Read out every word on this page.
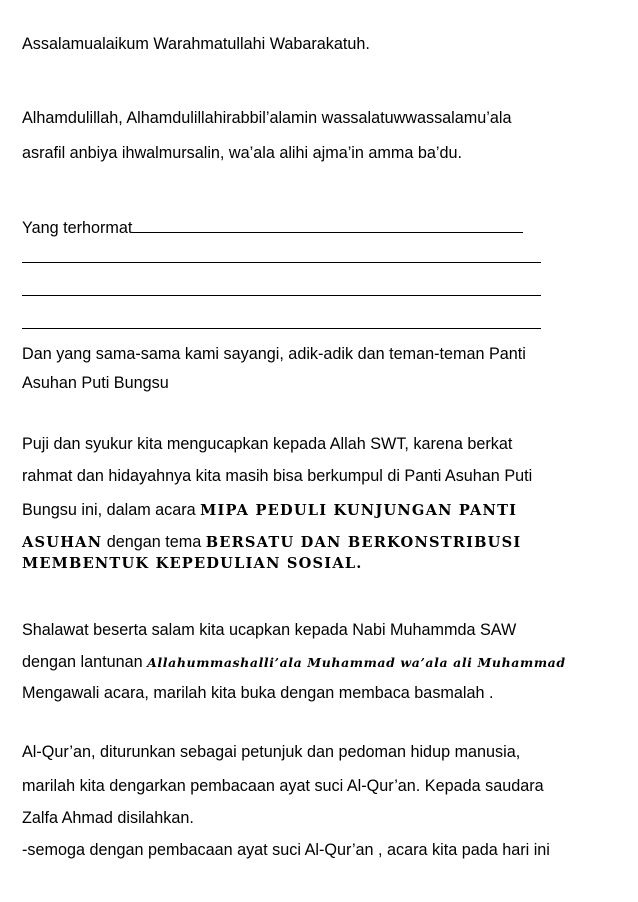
Assalamualaikum Warahmatullahi Wabarakatuh.
Alhamdulillah, Alhamdulillahirabbil’alamin wassalatuwwassalamu’ala
asrafil anbiya ihwalmursalin, wa’ala alihi ajma’in amma ba’du.
Yang terhormat
Dan yang sama-sama kami sayangi, adik-adik dan teman-teman Panti
Asuhan Puti Bungsu
Puji dan syukur kita mengucapkan kepada Allah SWT, karena berkat
rahmat dan hidayahnya kita masih bisa berkumpul di Panti Asuhan Puti
Bungsu ini, dalam acara MIPA PEDULI KUNJUNGAN PANTI
ASUHAN dengan tema BERSATU DAN BERKONSTRIBUSI
MEMBENTUK KEPEDULIAN SOSIAL.
Shalawat beserta salam kita ucapkan kepada Nabi Muhammda SAW
dengan lantunan Allahummashalli’ala Muhammad wa’ala ali Muhammad
Mengawali acara, marilah kita buka dengan membaca basmalah .
Al-Qur’an, diturunkan sebagai petunjuk dan pedoman hidup manusia,
marilah kita dengarkan pembacaan ayat suci Al-Qur’an. Kepada saudara
Zalfa Ahmad disilahkan.
-semoga dengan pembacaan ayat suci Al-Qur’an , acara kita pada hari ini
